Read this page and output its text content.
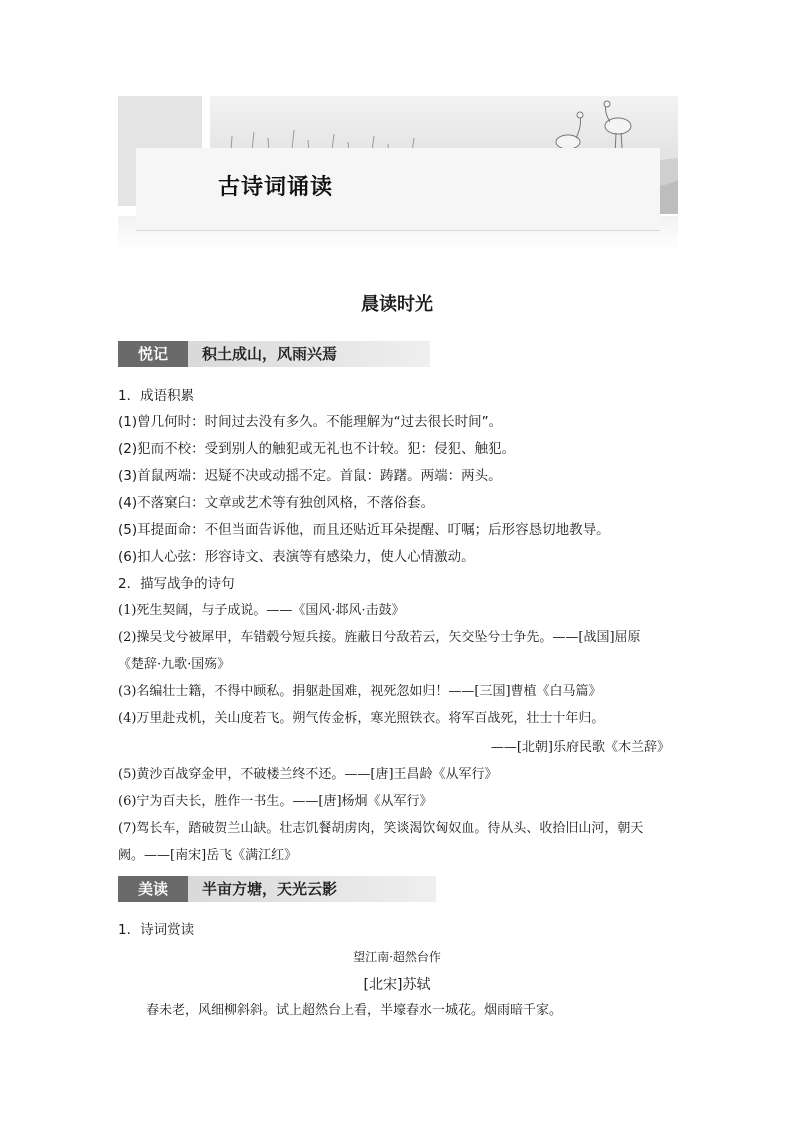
古诗词诵读
晨读时光
悦记	积土成山，风雨兴焉
1．成语积累
(1)曾几何时：时间过去没有多久。不能理解为“过去很长时间”。
(2)犯而不校：受到别人的触犯或无礼也不计较。犯：侵犯、触犯。
(3)首鼠两端：迟疑不决或动摇不定。首鼠：踌躇。两端：两头。
(4)不落窠臼：文章或艺术等有独创风格，不落俗套。
(5)耳提面命：不但当面告诉他，而且还贴近耳朵提醒、叮嘱；后形容恳切地教导。
(6)扣人心弦：形容诗文、表演等有感染力，使人心情激动。
2．描写战争的诗句
(1)死生契阔，与子成说。——《国风·邶风·击鼓》
(2)操吴戈兮被犀甲，车错毂兮短兵接。旌蔽日兮敌若云，矢交坠兮士争先。——[战国]屈原
《楚辞·九歌·国殇》
(3)名编壮士籍，不得中顾私。捐躯赴国难，视死忽如归！——[三国]曹植《白马篇》
(4)万里赴戎机，关山度若飞。朔气传金柝，寒光照铁衣。将军百战死，壮士十年归。
——[北朝]乐府民歌《木兰辞》
(5)黄沙百战穿金甲，不破楼兰终不还。——[唐]王昌龄《从军行》
(6)宁为百夫长，胜作一书生。——[唐]杨炯《从军行》
(7)驾长车，踏破贺兰山缺。壮志饥餐胡虏肉，笑谈渴饮匈奴血。待从头、收拾旧山河，朝天
阙。——[南宋]岳飞《满江红》
美读	半亩方塘，天光云影
1．诗词赏读
望江南·超然台作
[北宋]苏轼
春未老，风细柳斜斜。试上超然台上看，半壕春水一城花。烟雨暗千家。
